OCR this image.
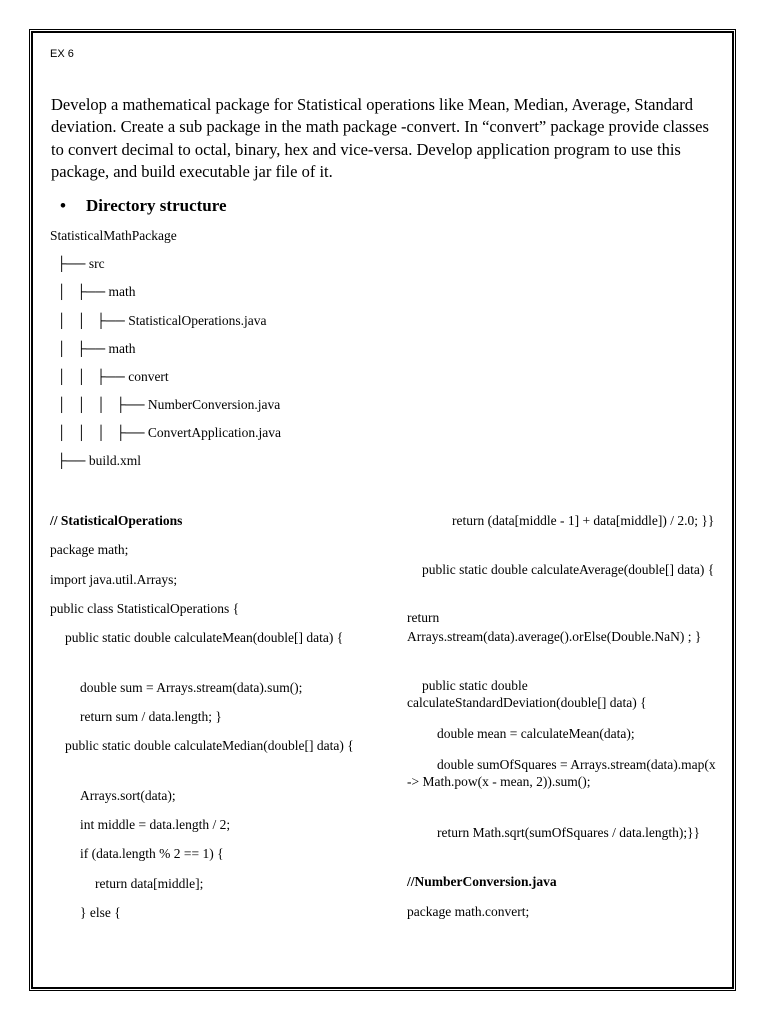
EX 6
Develop a mathematical package for Statistical operations like Mean, Median, Average, Standard deviation. Create a sub package in the math package -convert. In “convert” package provide classes to convert decimal to octal, binary, hex and vice-versa. Develop application program to use this package, and build executable jar file of it.
• Directory structure
StatisticalMathPackage
├── src
│   ├── math
│   │   ├── StatisticalOperations.java
│   ├── math
│   │   ├── convert
│   │   │   ├── NumberConversion.java
│   │   │   ├── ConvertApplication.java
├── build.xml
// StatisticalOperations
package math;
import java.util.Arrays;
public class StatisticalOperations {
public static double calculateMean(double[] data) {
double sum = Arrays.stream(data).sum();
return sum / data.length; }
public static double calculateMedian(double[] data) {
Arrays.sort(data);
int middle = data.length / 2;
if (data.length % 2 == 1) {
return data[middle];
} else {
return (data[middle - 1] + data[middle]) / 2.0; }}
public static double calculateAverage(double[] data) {
return
Arrays.stream(data).average().orElse(Double.NaN) ; }
public static double calculateStandardDeviation(double[] data) {
double mean = calculateMean(data);
double sumOfSquares = Arrays.stream(data).map(x -> Math.pow(x - mean, 2)).sum();
return Math.sqrt(sumOfSquares / data.length);}}
//NumberConversion.java
package math.convert;
